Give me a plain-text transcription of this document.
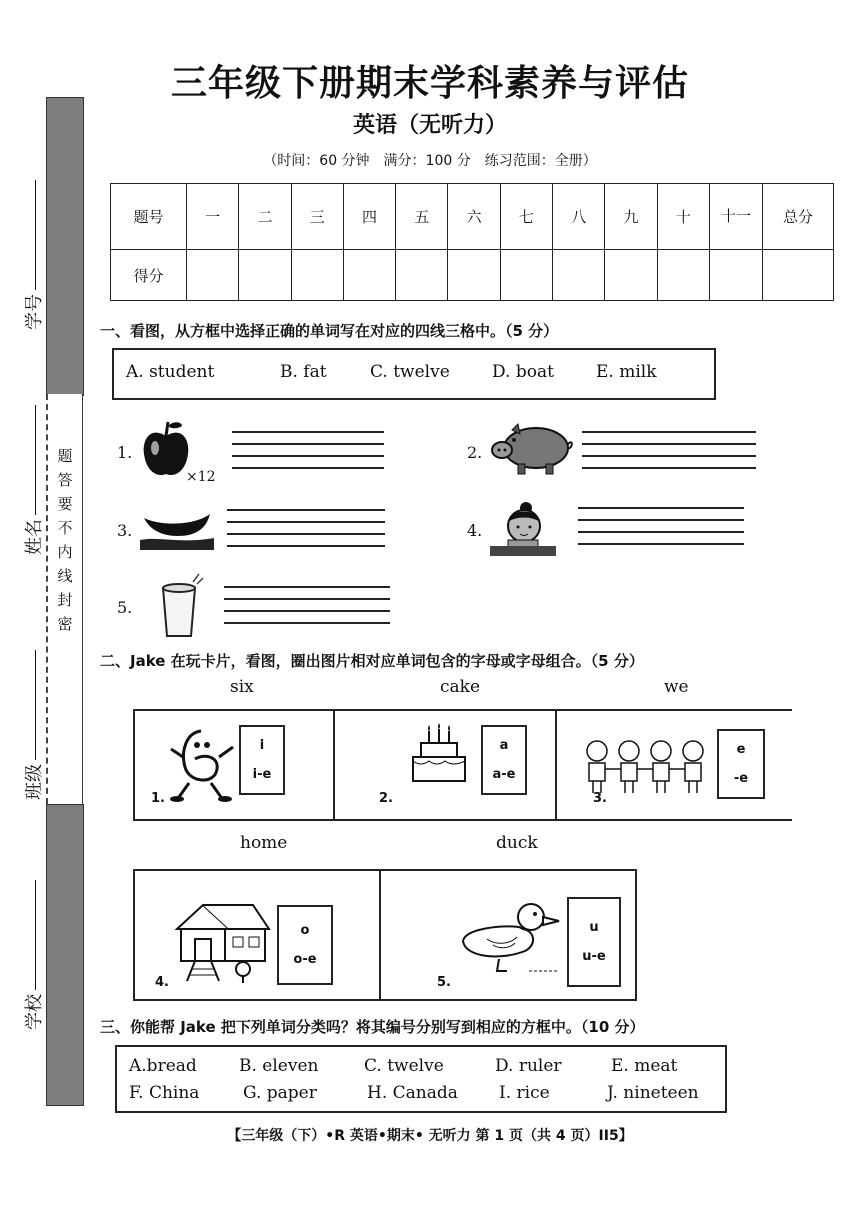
题
答
要
不
内
线
封
密
学号
姓名
班级
学校
三年级下册期末学科素养与评估
英语（无听力）
（时间：60 分钟　满分：100 分　练习范围：全册）
题号	一	二	三	四	五	六	七	八	九	十	十一	总分
得分												
一、看图，从方框中选择正确的单词写在对应的四线三格中。（5 分）
A. student	B. fat	C. twelve D. boat E. milk
1.
×12
2.
3.	4.
5.
二、Jake 在玩卡片，看图，圈出图片相对应单词包含的字母或字母组合。（5 分）
six	cake	we
i
i-e
1.
a
a-e
2.
e
-e
3.
home	duck
o
o-e
4.
u
u-e
5.
三、你能帮 Jake 把下列单词分类吗？将其编号分别写到相应的方框中。（10 分）
A.bread B. eleven	C. twelve	D. ruler	E. meat
F. China	G. paper	H. Canada I. rice	J. nineteen
【三年级（下）•R 英语•期末• 无听力 第 1 页（共 4 页）II5】
